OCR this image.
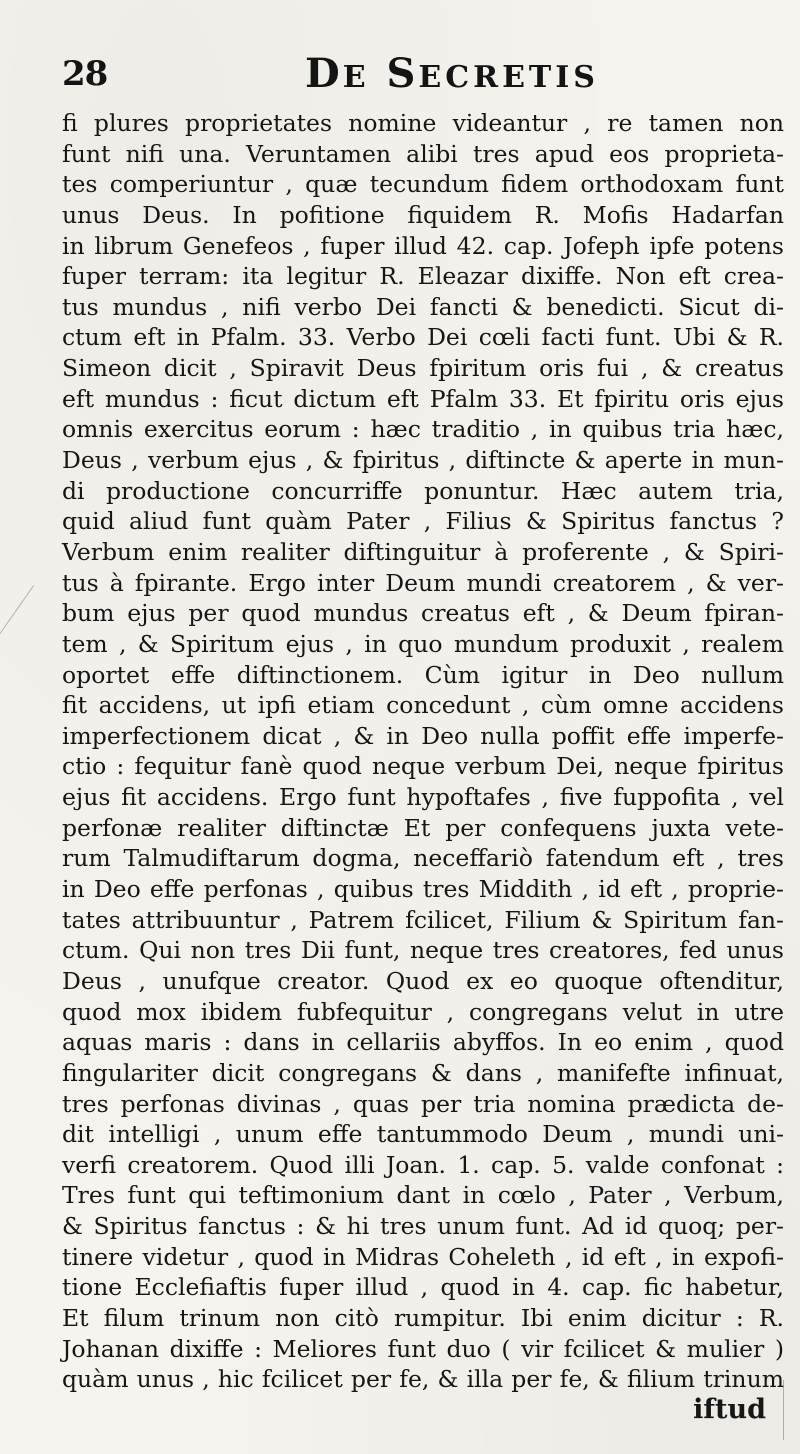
28	DE SECRETIS
fi plures proprietates nomine videantur , re tamen non
funt nifi una. Veruntamen alibi tres apud eos proprieta-
tes comperiuntur , quæ tecundum fidem orthodoxam funt
unus Deus. In pofitione fiquidem R. Mofis Hadarfan
in librum Genefeos , fuper illud 42. cap. Jofeph ipfe potens
fuper terram: ita legitur R. Eleazar dixiffe. Non eft crea-
tus mundus , nifi verbo Dei fancti & benedicti. Sicut di-
ctum eft in Pfalm. 33. Verbo Dei cœli facti funt. Ubi & R.
Simeon dicit , Spiravit Deus fpiritum oris fui , & creatus
eft mundus : ficut dictum eft Pfalm 33. Et fpiritu oris ejus
omnis exercitus eorum : hæc traditio , in quibus tria hæc,
Deus , verbum ejus , & fpiritus , diftincte & aperte in mun-
di productione concurriffe ponuntur. Hæc autem tria,
quid aliud funt quàm Pater , Filius & Spiritus fanctus ?
Verbum enim realiter diftinguitur à proferente , & Spiri-
tus à fpirante. Ergo inter Deum mundi creatorem , & ver-
bum ejus per quod mundus creatus eft , & Deum fpiran-
tem , & Spiritum ejus , in quo mundum produxit , realem
oportet effe diftinctionem. Cùm igitur in Deo nullum
fit accidens, ut ipfi etiam concedunt , cùm omne accidens
imperfectionem dicat , & in Deo nulla poffit effe imperfe-
ctio : fequitur fanè quod neque verbum Dei, neque fpiritus
ejus fit accidens. Ergo funt hypoftafes , five fuppofita , vel
perfonæ realiter diftinctæ Et per confequens juxta vete-
rum Talmudiftarum dogma, neceffariò fatendum eft , tres
in Deo effe perfonas , quibus tres Middith , id eft , proprie-
tates attribuuntur , Patrem fcilicet, Filium & Spiritum fan-
ctum. Qui non tres Dii funt, neque tres creatores, fed unus
Deus , unufque creator. Quod ex eo quoque oftenditur,
quod mox ibidem fubfequitur , congregans velut in utre
aquas maris : dans in cellariis abyffos. In eo enim , quod
fingulariter dicit congregans & dans , manifefte infinuat,
tres perfonas divinas , quas per tria nomina prædicta de-
dit intelligi , unum effe tantummodo Deum , mundi uni-
verfi creatorem. Quod illi Joan. 1. cap. 5. valde confonat :
Tres funt qui teftimonium dant in cœlo , Pater , Verbum,
& Spiritus fanctus : & hi tres unum funt. Ad id quoq; per-
tinere videtur , quod in Midras Coheleth , id eft , in expofi-
tione Ecclefiaftis fuper illud , quod in 4. cap. fic habetur,
Et filum trinum non citò rumpitur. Ibi enim dicitur : R.
Johanan dixiffe : Meliores funt duo ( vir fcilicet & mulier )
quàm unus , hic fcilicet per fe, & illa per fe, & filium trinum
iftud
